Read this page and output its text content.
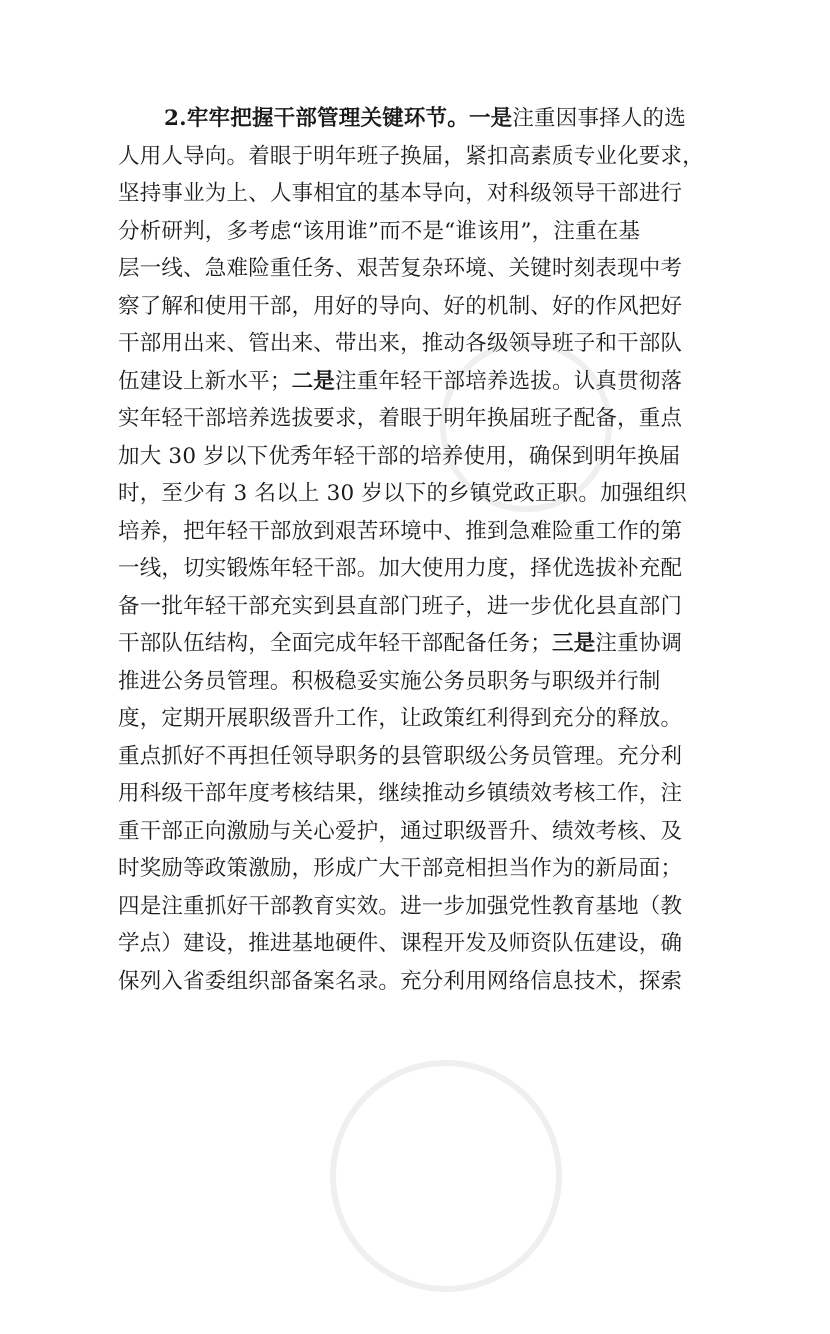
2.牢牢把握干部管理关键环节。一是注重因事择人的选
人用人导向。着眼于明年班子换届，紧扣高素质专业化要求，
坚持事业为上、人事相宜的基本导向，对科级领导干部进行
分析研判，多考虑“该用谁”而不是“谁该用”，注重在基
层一线、急难险重任务、艰苦复杂环境、关键时刻表现中考
察了解和使用干部，用好的导向、好的机制、好的作风把好
干部用出来、管出来、带出来，推动各级领导班子和干部队
伍建设上新水平；二是注重年轻干部培养选拔。认真贯彻落
实年轻干部培养选拔要求，着眼于明年换届班子配备，重点
加大 30 岁以下优秀年轻干部的培养使用，确保到明年换届
时，至少有 3 名以上 30 岁以下的乡镇党政正职。加强组织
培养，把年轻干部放到艰苦环境中、推到急难险重工作的第
一线，切实锻炼年轻干部。加大使用力度，择优选拔补充配
备一批年轻干部充实到县直部门班子，进一步优化县直部门
干部队伍结构，全面完成年轻干部配备任务；三是注重协调
推进公务员管理。积极稳妥实施公务员职务与职级并行制
度，定期开展职级晋升工作，让政策红利得到充分的释放。
重点抓好不再担任领导职务的县管职级公务员管理。充分利
用科级干部年度考核结果，继续推动乡镇绩效考核工作，注
重干部正向激励与关心爱护，通过职级晋升、绩效考核、及
时奖励等政策激励，形成广大干部竞相担当作为的新局面；
四是注重抓好干部教育实效。进一步加强党性教育基地（教
学点）建设，推进基地硬件、课程开发及师资队伍建设，确
保列入省委组织部备案名录。充分利用网络信息技术，探索
